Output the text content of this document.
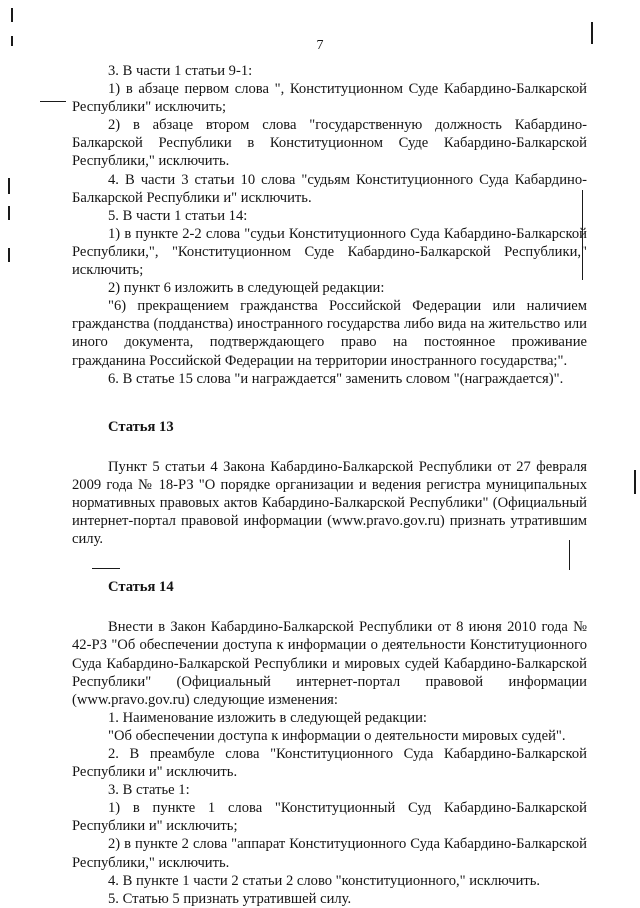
7

3. В части 1 статьи 9-1:

1) в абзаце первом слова ", Конституционном Суде Кабардино-Балкарской Республики" исключить;

2) в абзаце втором слова "государственную должность Кабардино-Балкарской Республики в Конституционном Суде Кабардино-Балкарской Республики," исключить.

4. В части 3 статьи 10 слова "судьям Конституционного Суда Кабардино-Балкарской Республики и" исключить.

5. В части 1 статьи 14:

1) в пункте 2-2 слова "судьи Конституционного Суда Кабардино-Балкарской Республики,", "Конституционном Суде Кабардино-Балкарской Республики," исключить;

2) пункт 6 изложить в следующей редакции:

"6) прекращением гражданства Российской Федерации или наличием гражданства (подданства) иностранного государства либо вида на жительство или иного документа, подтверждающего право на постоянное проживание гражданина Российской Федерации на территории иностранного государства;".

6. В статье 15 слова "и награждается" заменить словом "(награждается)".

Статья 13

Пункт 5 статьи 4 Закона Кабардино-Балкарской Республики от 27 февраля 2009 года № 18-РЗ "О порядке организации и ведения регистра муниципальных нормативных правовых актов Кабардино-Балкарской Республики" (Официальный интернет-портал правовой информации (www.pravo.gov.ru) признать утратившим силу.

Статья 14

Внести в Закон Кабардино-Балкарской Республики от 8 июня 2010 года № 42-РЗ "Об обеспечении доступа к информации о деятельности Конституционного Суда Кабардино-Балкарской Республики и мировых судей Кабардино-Балкарской Республики" (Официальный интернет-портал правовой информации (www.pravo.gov.ru) следующие изменения:

1. Наименование изложить в следующей редакции:

"Об обеспечении доступа к информации о деятельности мировых судей".

2. В преамбуле слова "Конституционного Суда Кабардино-Балкарской Республики и" исключить.

3. В статье 1:

1) в пункте 1 слова "Конституционный Суд Кабардино-Балкарской Республики и" исключить;

2) в пункте 2 слова "аппарат Конституционного Суда Кабардино-Балкарской Республики," исключить.

4. В пункте 1 части 2 статьи 2 слово "конституционного," исключить.

5. Статью 5 признать утратившей силу.
